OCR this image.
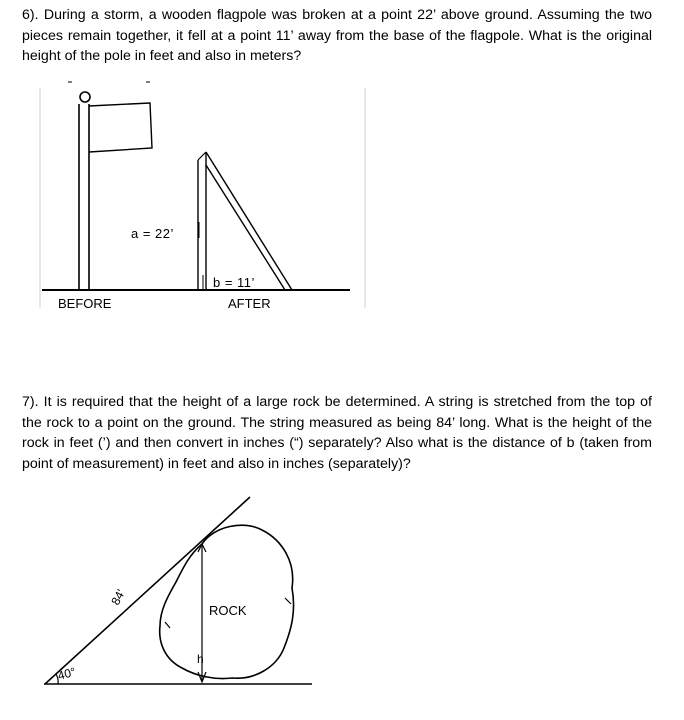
6). During a storm, a wooden flagpole was broken at a point 22’ above ground. Assuming the two pieces remain together, it fell at a point 11’ away from the base of the flagpole. What is the original height of the pole in feet and also in meters?
a = 22’
b = 11’
BEFORE	AFTER
84'
ROCK
h
40°
7). It is required that the height of a large rock be determined. A string is stretched from the top of the rock to a point on the ground. The string measured as being 84’ long. What is the height of the rock in feet (’) and then convert in inches (“) separately? Also what is the distance of b (taken from point of measurement) in feet and also in inches (separately)?
